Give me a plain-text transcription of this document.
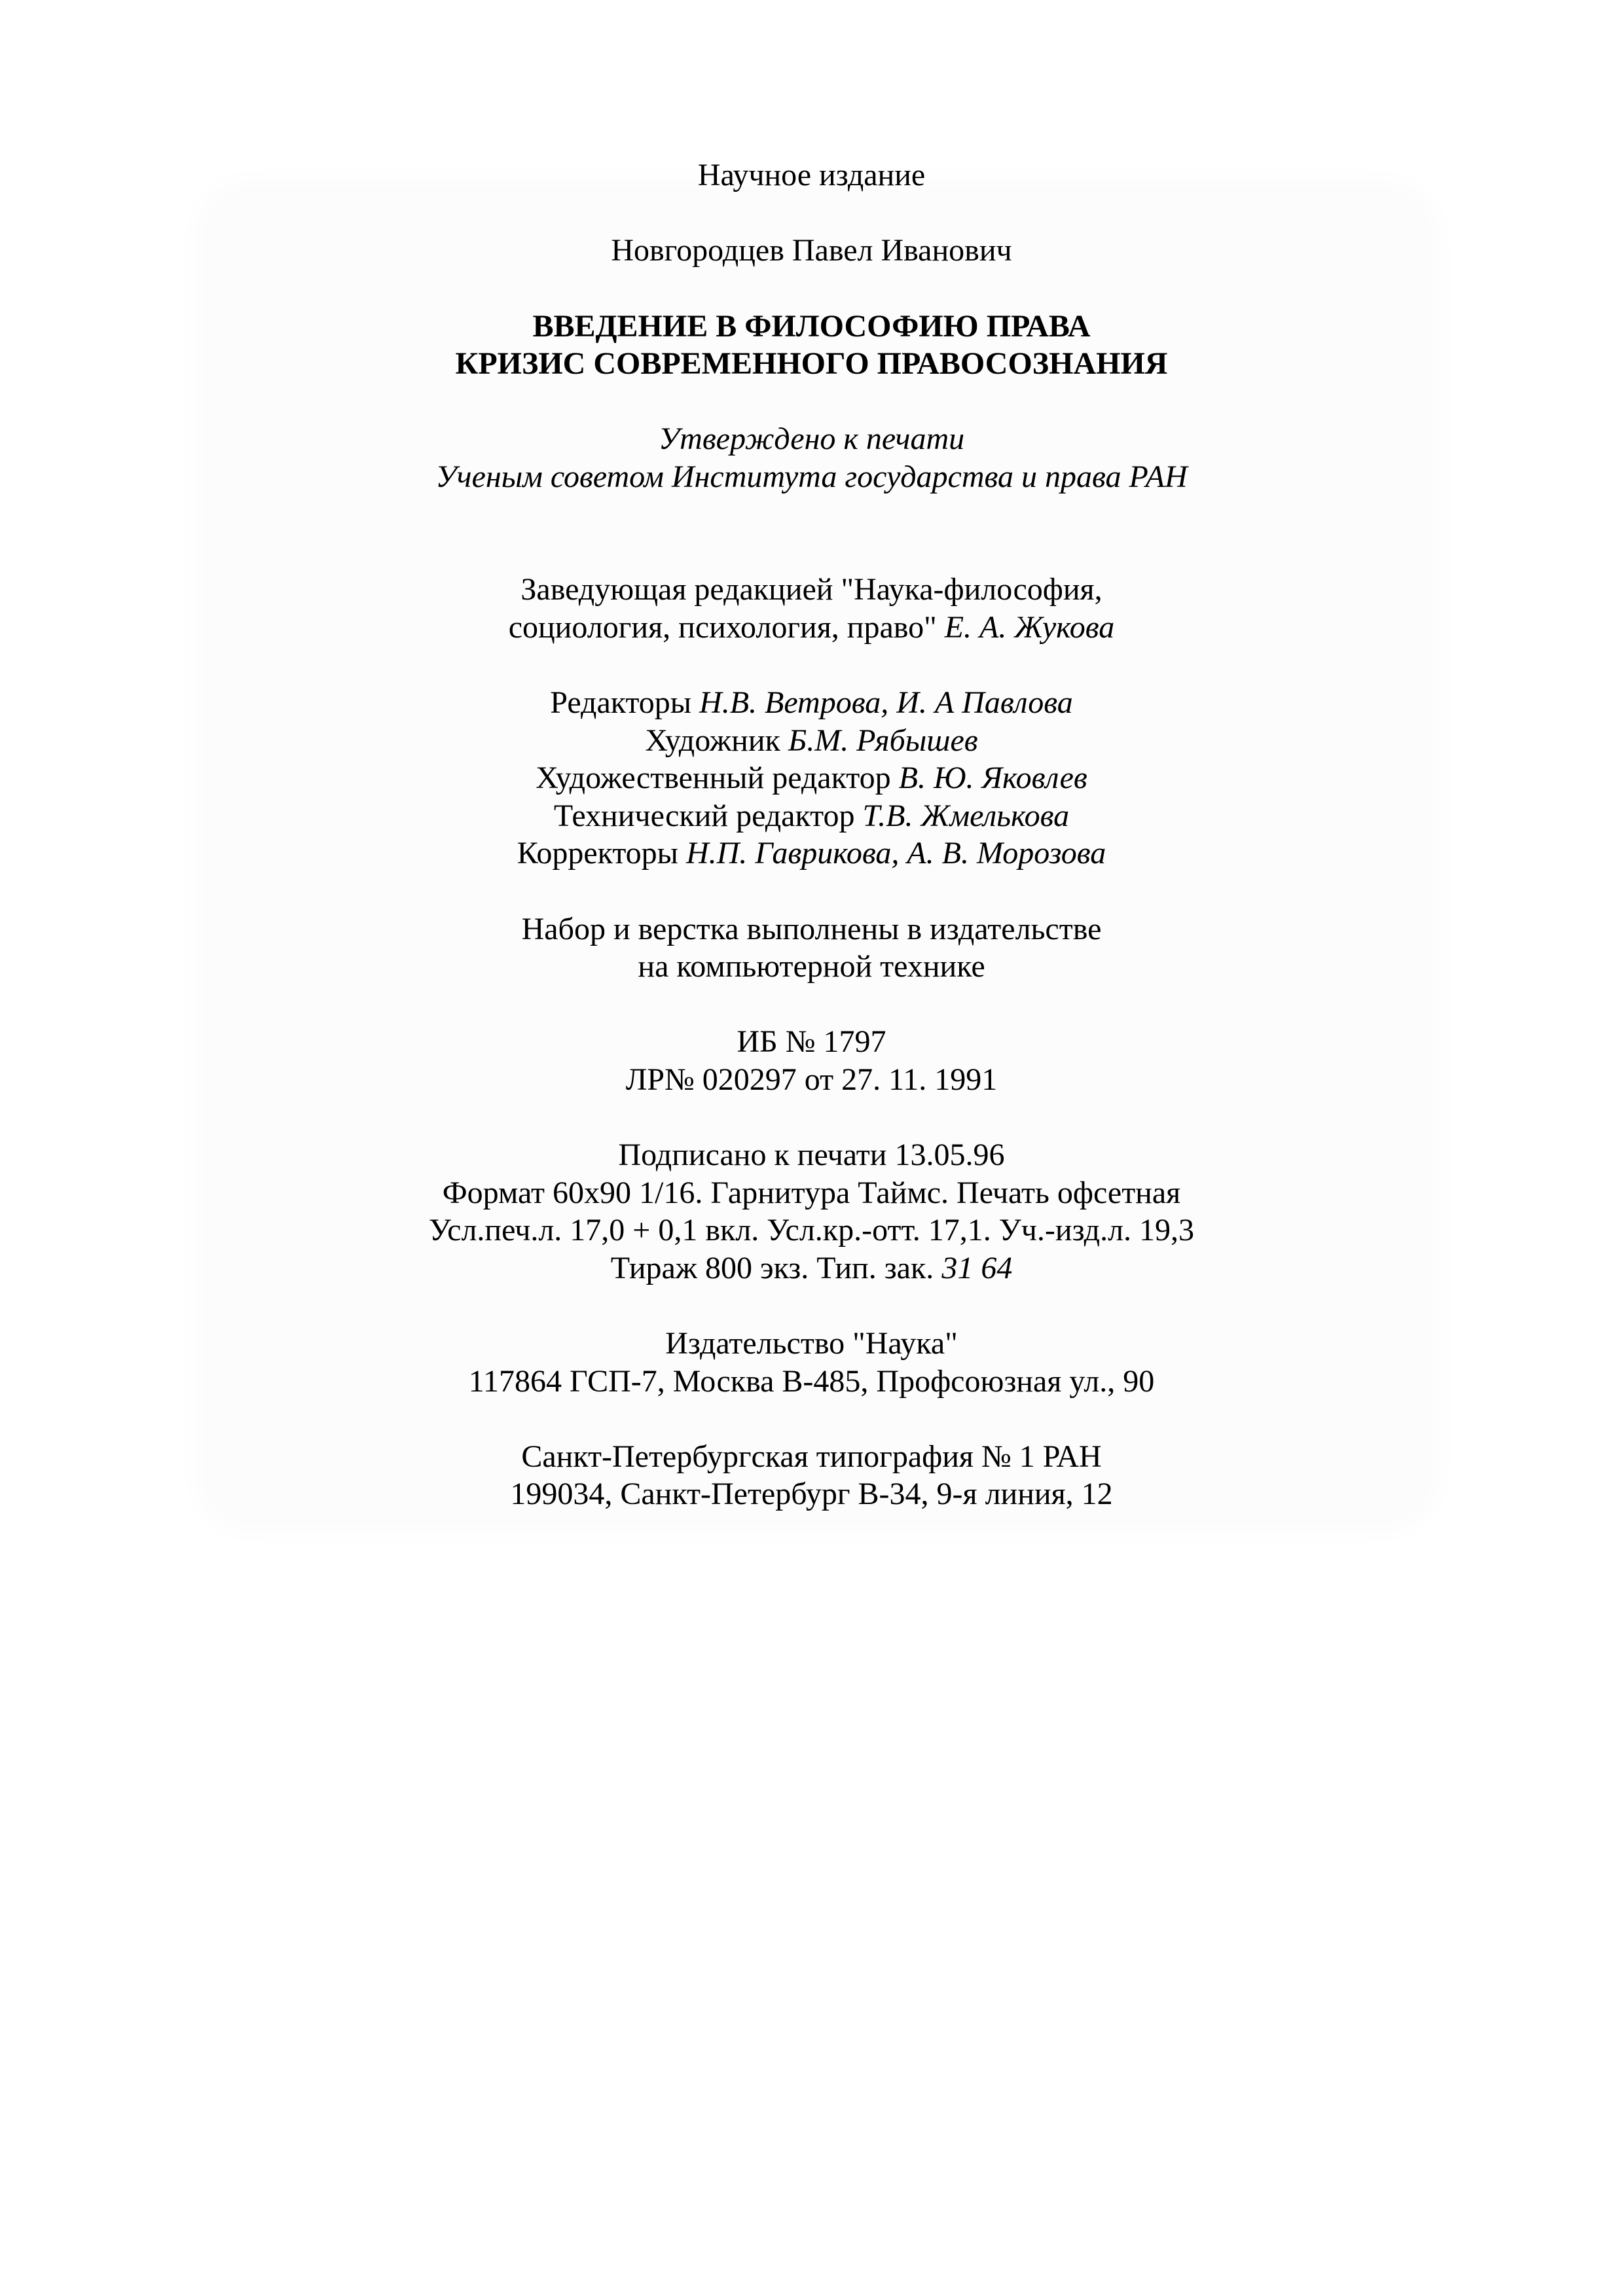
Научное издание
Новгородцев Павел Иванович
ВВЕДЕНИЕ В ФИЛОСОФИЮ ПРАВА
КРИЗИС СОВРЕМЕННОГО ПРАВОСОЗНАНИЯ
Утверждено к печати
Ученым советом Института государства и права РАН
Заведующая редакцией "Наука-философия,
социология, психология, право" Е. А. Жукова
Редакторы Н.В. Ветрова, И. А Павлова
Художник Б.М. Рябышев
Художественный редактор В. Ю. Яковлев
Технический редактор Т.В. Жмелькова
Корректоры Н.П. Гаврикова, А. В. Морозова
Набор и верстка выполнены в издательстве
на компьютерной технике
ИБ № 1797
ЛР№ 020297 от 27. 11. 1991
Подписано к печати 13.05.96
Формат 60x90 1/16. Гарнитура Таймс. Печать офсетная
Усл.печ.л. 17,0 + 0,1 вкл. Усл.кр.-отт. 17,1. Уч.-изд.л. 19,3
Тираж 800 экз. Тип. зак. 31 64
Издательство "Наука"
117864 ГСП-7, Москва В-485, Профсоюзная ул., 90
Санкт-Петербургская типография № 1 РАН
199034, Санкт-Петербург В-34, 9-я линия, 12
